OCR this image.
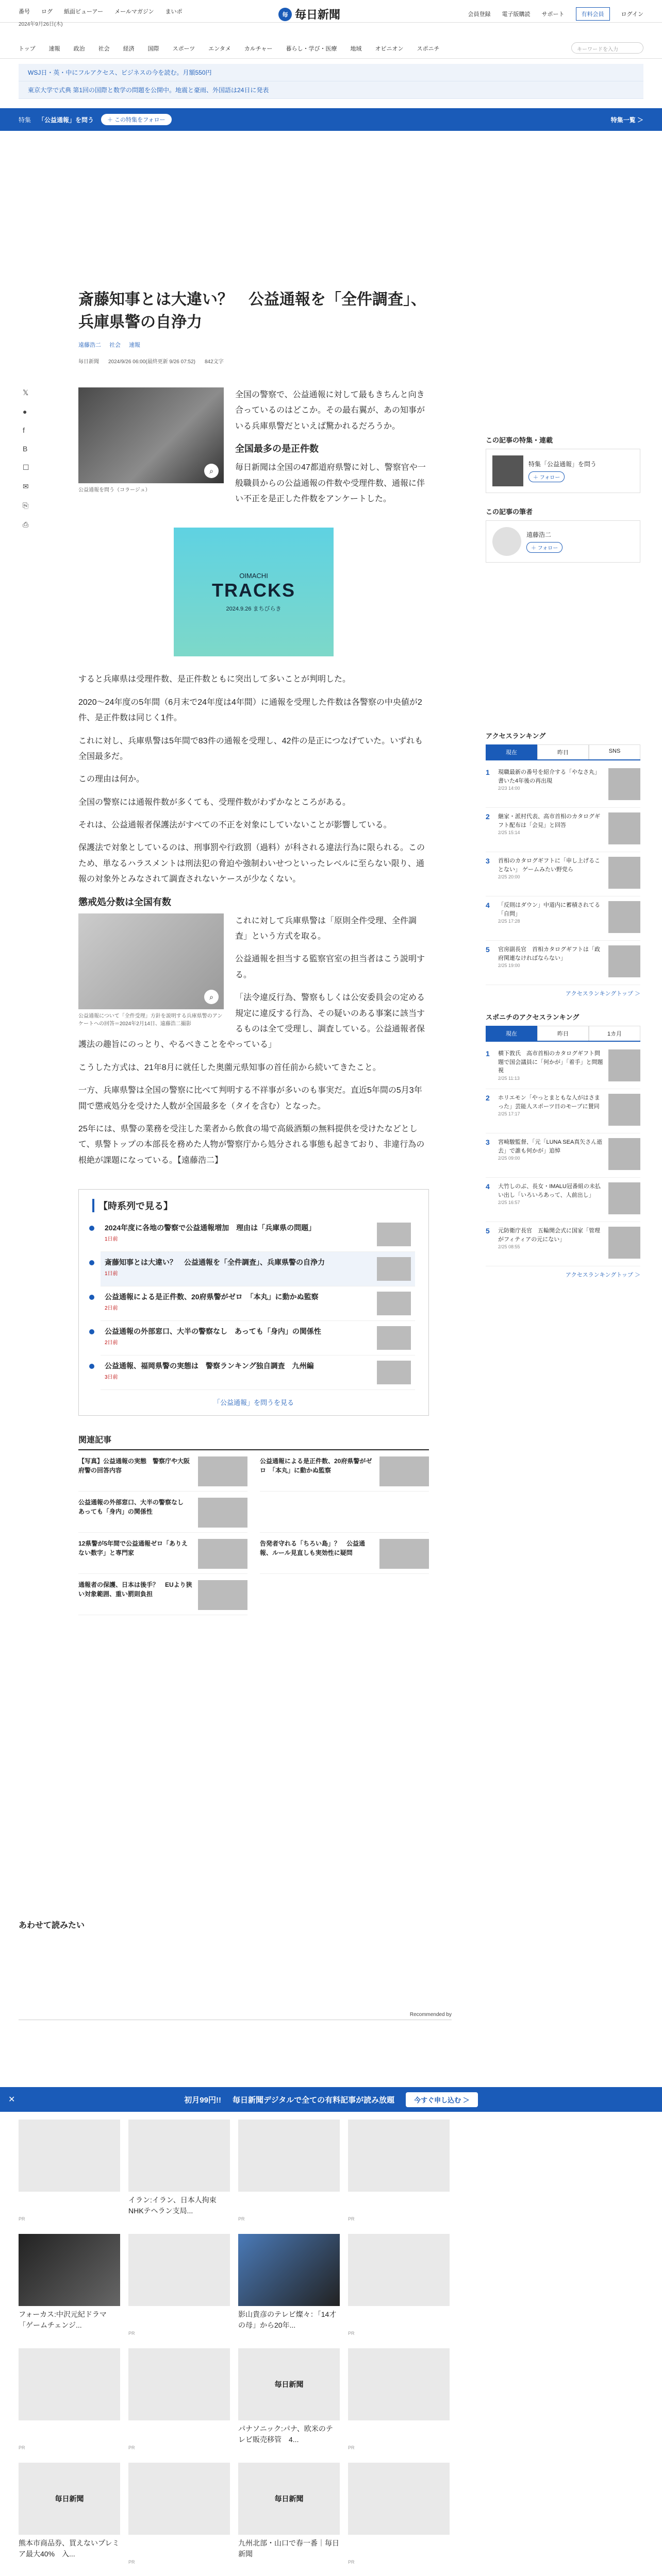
番号 ログ 紙面ビューアー メールマガジン まいポ
2024年9月26日(木)
毎 毎日新聞	会員登録 電子版購読 サポート	有料会員	ログイン
トップ 速報 政治 社会 経済 国際 スポーツ エンタメ カルチャー 暮らし・学び・医療 地域 オピニオン スポニチ	キーワードを入力
WSJ日・英・中にフルアクセス、ビジネスの今を読む。月額550円
東京大学で式典 第1回の国際と数学の問題を公開中。地震と豪雨、外国語は24日に発表
特集 「公益通報」を問う	＋ この特集をフォロー	特集一覧 ＞
𝕏
●
f
B
☐
✉
⎘
⎙
斎藤知事とは大違い？　公益通報を「全件調査」、兵庫県警の自浄力
遠藤浩二 社会 速報
毎日新聞 2024/9/26 06:00(最終更新 9/26 07:52) 842文字
⌕
公益通報を問う（コラージュ）

全国の警察で、公益通報に対して最もきちんと向き合っているのはどこか。その最右翼が、あの知事がいる兵庫県警だといえば驚かれるだろうか。

全国最多の是正件数

毎日新聞は全国の47都道府県警に対し、警察官や一般職員からの公益通報の件数や受理件数、通報に伴い不正を是正した件数をアンケートした。

OIMACHI
TRACKS
2024.9.26 まちびらき

すると兵庫県は受理件数、是正件数ともに突出して多いことが判明した。

2020～24年度の5年間（6月末で24年度は4年間）に通報を受理した件数は各警察の中央値が2件、是正件数は同じく1件。

これに対し、兵庫県警は5年間で83件の通報を受理し、42件の是正につなげていた。いずれも全国最多だ。

この理由は何か。

全国の警察には通報件数が多くても、受理件数がわずかなところがある。

それは、公益通報者保護法がすべての不正を対象にしていないことが影響している。

保護法で対象としているのは、刑事罰や行政罰（過料）が科される違法行為に限られる。このため、単なるハラスメントは刑法犯の脅迫や強制わいせつといったレベルに至らない限り、通報の対象外とみなされて調査されないケースが少なくない。

懲戒処分数は全国有数
⌕
公益通報について「全件受理」方針を説明する兵庫県警のアンケートへの回答＝2024年2月14日、遠藤浩二撮影

これに対して兵庫県警は「原則全件受理、全件調査」という方式を取る。

公益通報を担当する監察官室の担当者はこう説明する。

「法令違反行為、警察もしくは公安委員会の定める規定に違反する行為、その疑いのある事案に該当するものは全て受理し、調査している。公益通報者保護法の趣旨にのっとり、やるべきことをやっている」

こうした方式は、21年8月に就任した奥薗元県知事の首任前から続いてきたこと。

一方、兵庫県警は全国の警察に比べて判明する不祥事が多いのも事実だ。直近5年間の5月3年間で懲戒処分を受けた人数が全国最多を（タイを含む）となった。

25年には、県警の業務を受注した業者から飲食の場で高級酒類の無料提供を受けたなどとして、県警トップの本部長を務めた人物が警察庁から処分される事態も起きており、非違行為の根絶が課題になっている。【遠藤浩二】

【時系列で見る】
2024年度に各地の警察で公益通報増加　理由は「兵庫県の問題」
1日前
斎藤知事とは大違い？　公益通報を「全件調査」、兵庫県警の自浄力
1日前
公益通報による是正件数、20府県警がゼロ　「本丸」に動かぬ監察
2日前
公益通報の外部窓口、大半の警察なし　あっても「身内」の関係性
2日前
公益通報、福岡県警の実態は　警察ランキング独自調査　九州編
3日前
「公益通報」を問うを見る
関連記事
【写真】公益通報の実態　警察庁や大阪府警の回答内容
公益通報による是正件数、20府県警がゼロ　「本丸」に動かぬ監察
公益通報の外部窓口、大半の警察なし　あっても「身内」の関係性
12県警が5年間で公益通報ゼロ「ありえない数字」と専門家
告発者守れる「ちろい島」？　公益通報、ルール見直しも実効性に疑問
通報者の保護、日本は後手？　EUより狭い対象範囲、重い罰則負担
この記事の特集・連載
特集「公益通報」を問う
＋ フォロー
この記事の筆者
遠藤浩二
＋ フォロー
アクセスランキング
現在	昨日	SNS
1	現職最新の番号を紹介する「やなさ丸」書いた4年後の再出現
2/23 14:00
2	継家・派村代表、高市首相のカタログギフト配布は「会見」と回答
2/25 15:14
3	首相のカタログギフトに「申し上げることない」 ゲームみたい野党ら
2/25 20:00
4	「反則はダウン」中道内に蓄積されてる「自問」
2/25 17:28
5	官房副長官　首相カタログギフトは「政府関連なければならない」
2/25 19:00
アクセスランキングトップ ＞
スポニチのアクセスランキング
現在	昨日	1カ月
1	横下敦氏　高市首相のカタログギフト問題で国会議員に「何かが」「着手」と問題視
2/25 11:13
2	ホリエモン「やっとまともな人がはさまった」芸能人スポーツ日のモーブに賛同
2/25 17:17
3	宮崎駿監督、「元「LUNA SEA真矢さん逝去」で誰も何かが」追悼
2/25 09:00
4	大竹しのぶ、長女・IMALU冠番組の未払い出し「いろいろあって、人前出し」
2/25 16:57
5	元防衛庁長官　五輪開会式に国家「管理がフィティアの元にない」
2/25 08:55
アクセスランキングトップ ＞
あわせて読みたい
Recommended by
✕	初月99円!! 毎日新聞デジタルで全ての有料記事が読み放題	今すぐ申し込む ＞
PR
イラン:イラン、日本人拘束　NHKテヘラン支局...
PR	PR
フォーカス:中沢元紀ドラマ「ゲームチェンジ...
PR
影山貴彦のテレビ燦々：「14才の母」から20年...
PR
PR	PR
毎日新聞
パナソニック:パナ、欧米のテレビ販売移管　4...
PR
毎日新聞
熊本市商品券、買えないプレミア最大40%　入...
PR
毎日新聞
九州北部・山口で春一番｜毎日新聞
PR
